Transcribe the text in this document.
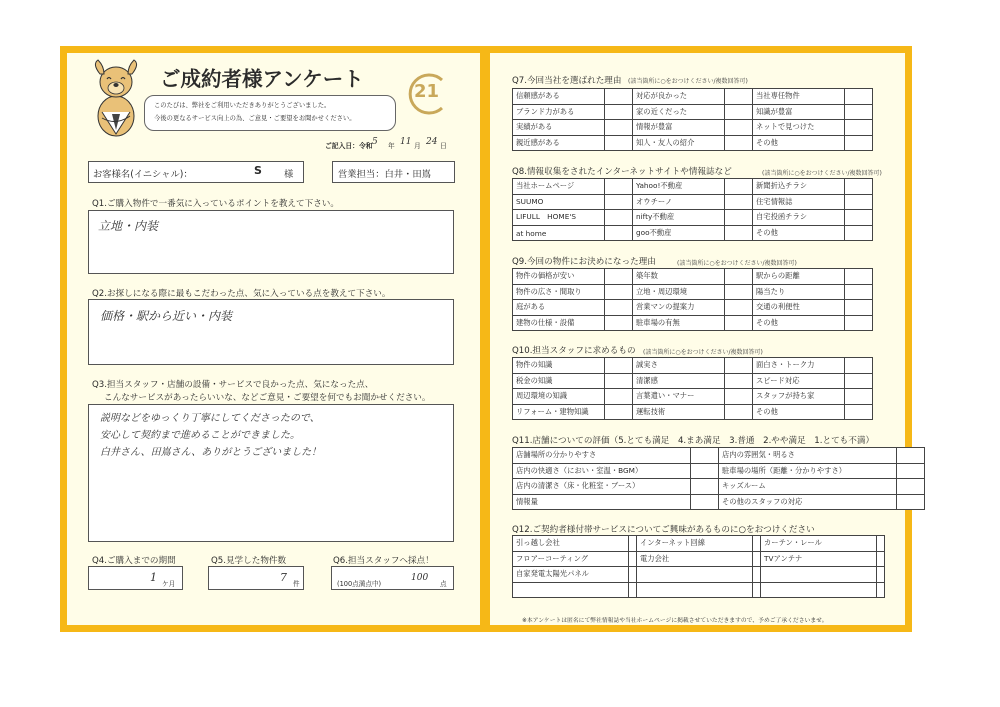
ご成約者様アンケート
このたびは、弊社をご利用いただきありがとうございました。
今後の更なるサービス向上の為、ご意見・ご要望をお聞かせください。
21
ご記入日：令和 5 年 11 月 24 日
お客様名(イニシャル)：	S 様	営業担当：白井・田嶌
Q1.ご購入物件で一番気に入っているポイントを教えて下さい。
立地・内装
Q2.お探しになる際に最もこだわった点、気に入っている点を教えて下さい。
価格・駅から近い・内装
Q3.担当スタッフ・店舗の設備・サービスで良かった点、気になった点、
こんなサービスがあったらいいな、などご意見・ご要望を何でもお聞かせください。
説明などをゆっくり丁寧にしてくださったので、
安心して契約まで進めることができました。
白井さん、田嶌さん、ありがとうございました！
Q4.ご購入までの期間
1 ケ月
Q5.見学した物件数
7 件
Q6.担当スタッフへ採点！
(100点満点中)
100
点
Q7.今回当社を選ばれた理由 (該当箇所に○をおつけください/複数回答可)
信頼感がある		対応が良かった		当社専任物件	
ブランド力がある		家の近くだった		知識が豊富	
実績がある		情報が豊富		ネットで見つけた	
親近感がある		知人・友人の紹介		その他	
Q8.情報収集をされたインターネットサイトや情報誌など	(該当箇所に○をおつけください/複数回答可)
当社ホームページ		Yahoo!不動産		新聞折込チラシ	
SUUMO		オウチーノ		住宅情報誌	
LIFULL　HOME'S		nifty不動産		自宅投函チラシ	
at home		goo不動産		その他	
Q9.今回の物件にお決めになった理由	(該当箇所に○をおつけください/複数回答可)
物件の価格が安い		築年数		駅からの距離	
物件の広さ・間取り		立地・周辺環境		陽当たり	
庭がある		営業マンの提案力		交通の利便性	
建物の仕様・設備		駐車場の有無		その他	
Q10.担当スタッフに求めるもの (該当箇所に○をおつけください/複数回答可)
物件の知識		誠実さ		面白さ・トーク力	
税金の知識		清潔感		スピード対応	
周辺環境の知識		言葉遣い・マナー		スタッフが持ち家	
リフォーム・建物知識		運転技術		その他	
Q11.店舗についての評価（5.とても満足　4.まあ満足　3.普通　2.やや満足　1.とても不満）
店舗場所の分かりやすさ		店内の雰囲気・明るさ	
店内の快適さ（におい・室温・BGM）		駐車場の場所（距離・分かりやすさ）	
店内の清潔さ（床・化粧室・ブース）		キッズルーム	
情報量		その他のスタッフの対応	
Q12.ご契約者様付帯サービスについてご興味があるものに○をおつけください
引っ越し会社		インターネット回線		カーテン・レール	
フロアーコーティング		電力会社		TVアンテナ	
自家発電太陽光パネル					

※本アンケートは匿名にて弊社情報誌や当社ホームページに掲載させていただきますので、予めご了承くださいませ。
